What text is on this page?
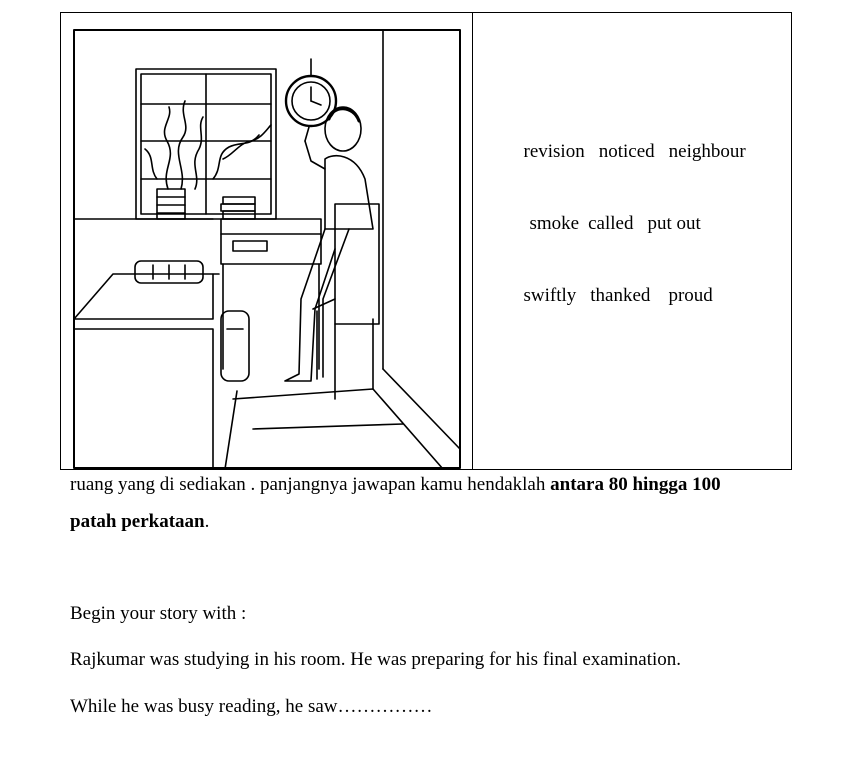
revision noticed neighbour

smoke called put out

swiftly thanked proud

ruang yang di sediakan . panjangnya jawapan kamu hendaklah antara 80 hingga 100
patah perkataan.
Begin your story with :
Rajkumar was studying in his room. He was preparing for his final examination.
While he was busy reading, he saw……………
